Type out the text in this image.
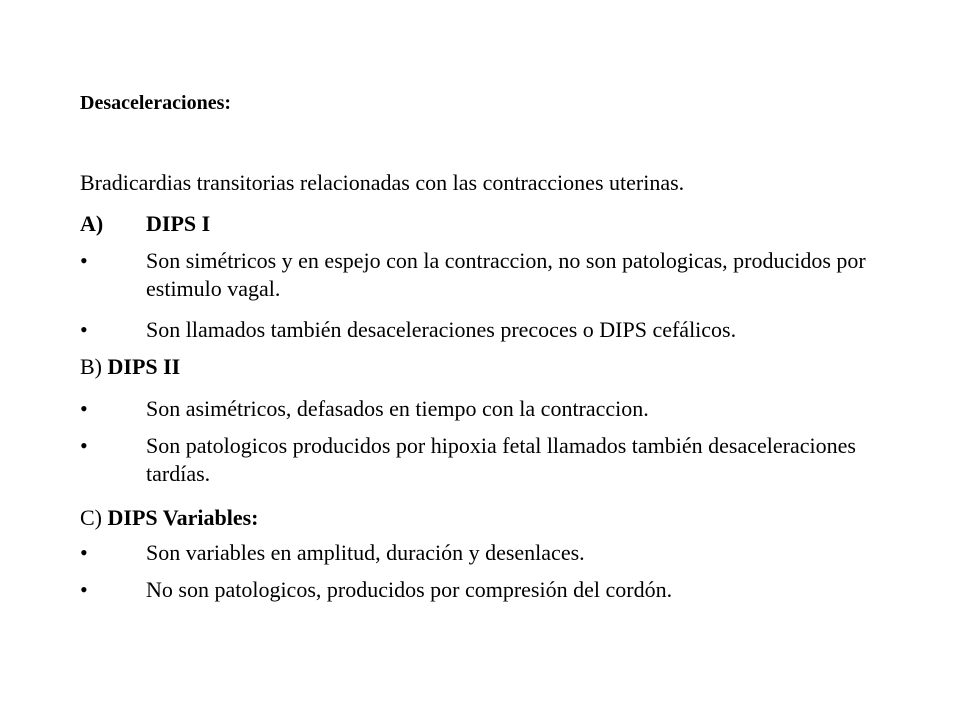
Desaceleraciones:
Bradicardias transitorias relacionadas con las contracciones uterinas.
A) DIPS I
•	Son simétricos y en espejo con la contraccion, no son patologicas, producidos por estimulo vagal.
•	Son llamados también desaceleraciones precoces o DIPS cefálicos.
B) DIPS II
•	Son asimétricos, defasados en tiempo con la contraccion.
•	Son patologicos producidos por hipoxia fetal llamados también desaceleraciones tardías.
C) DIPS Variables:
•	Son variables en amplitud, duración y desenlaces.
•	No son patologicos, producidos por compresión del cordón.
